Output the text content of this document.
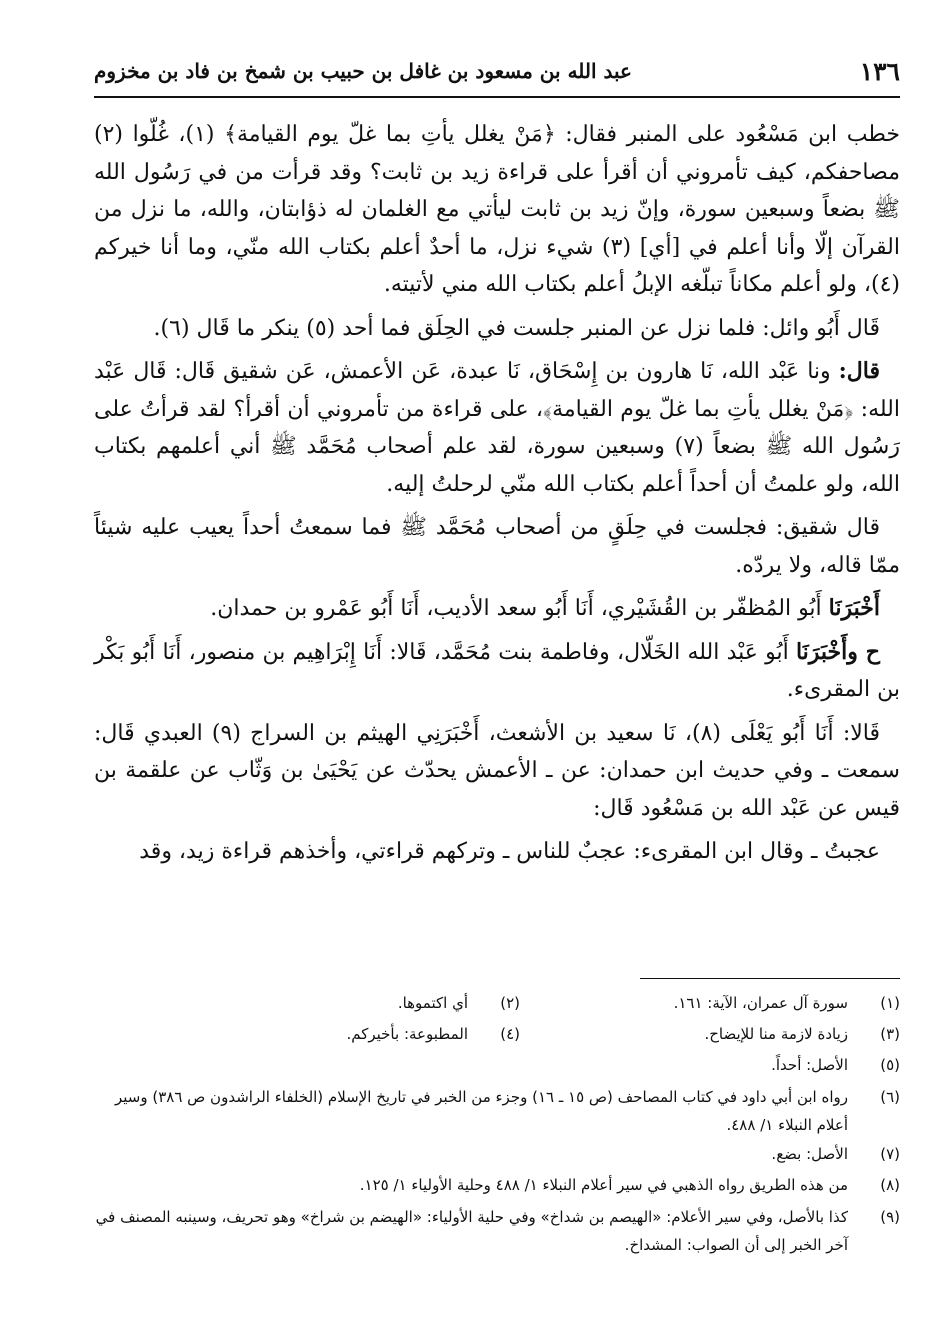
١٣٦
عبد الله بن مسعود بن غافل بن حبيب بن شمخ بن فاد بن مخزوم

خطب ابن مَسْعُود على المنبر فقال: ﴿مَنْ يغلل يأتِ بما غلّ يوم القيامة﴾ (١)، غُلّوا (٢) مصاحفكم، كيف تأمروني أن أقرأ على قراءة زيد بن ثابت؟ وقد قرأت من في رَسُول الله ﷺ بضعاً وسبعين سورة، وإنّ زيد بن ثابت ليأتي مع الغلمان له ذؤابتان، والله، ما نزل من القرآن إلّا وأنا أعلم في [أي] (٣) شيء نزل، ما أحدٌ أعلم بكتاب الله منّي، وما أنا خيركم (٤)، ولو أعلم مكاناً تبلّغه الإبلُ أعلم بكتاب الله مني لأتيته.

قَال أَبُو وائل: فلما نزل عن المنبر جلست في الحِلَق فما أحد (٥) ينكر ما قَال (٦).

قال: ونا عَبْد الله، نَا هارون بن إِسْحَاق، نَا عبدة، عَن الأعمش، عَن شقيق قَال: قَال عَبْد الله: ﴿مَنْ يغلل يأتِ بما غلّ يوم القيامة﴾، على قراءة من تأمروني أن أقرأ؟ لقد قرأتُ على رَسُول الله ﷺ بضعاً (٧) وسبعين سورة، لقد علم أصحاب مُحَمَّد ﷺ أني أعلمهم بكتاب الله، ولو علمتُ أن أحداً أعلم بكتاب الله منّي لرحلتُ إليه.

قال شقيق: فجلست في حِلَقٍ من أصحاب مُحَمَّد ﷺ فما سمعتُ أحداً يعيب عليه شيئاً ممّا قاله، ولا يردّه.

أَخْبَرَنَا أَبُو المُظفّر بن القُشَيْري، أَنَا أَبُو سعد الأديب، أَنَا أَبُو عَمْرو بن حمدان.

ح وأَخْبَرَنَا أَبُو عَبْد الله الخَلّال، وفاطمة بنت مُحَمَّد، قَالا: أَنَا إِبْرَاهِيم بن منصور، أَنَا أَبُو بَكْر بن المقرىء.

قَالا: أَنَا أَبُو يَعْلَى (٨)، نَا سعيد بن الأشعث، أَخْبَرَنِي الهيثم بن السراج (٩) العبدي قَال: سمعت ـ وفي حديث ابن حمدان: عن ـ الأعمش يحدّث عن يَحْيَىٰ بن وَثّاب عن علقمة بن قيس عن عَبْد الله بن مَسْعُود قَال:

عجبتُ ـ وقال ابن المقرىء: عجبٌ للناس ـ وتركهم قراءتي، وأخذهم قراءة زيد، وقد

(١)
سورة آل عمران، الآية: ١٦١.
(٢)
أي اكتموها.
(٣)
زيادة لازمة منا للإيضاح.
(٤)
المطبوعة: بأخيركم.
(٥)
الأصل: أحداً.
(٦)
رواه ابن أبي داود في كتاب المصاحف (ص ١٥ ـ ١٦) وجزء من الخبر في تاريخ الإسلام (الخلفاء الراشدون ص ٣٨٦) وسير أعلام النبلاء ١/ ٤٨٨.
(٧)
الأصل: بضع.
(٨)
من هذه الطريق رواه الذهبي في سير أعلام النبلاء ١/ ٤٨٨ وحلية الأولياء ١/ ١٢٥.
(٩)
كذا بالأصل، وفي سير الأعلام: «الهيصم بن شداخ» وفي حلية الأولياء: «الهيضم بن شراخ» وهو تحريف، وسينبه المصنف في آخر الخبر إلى أن الصواب: المشداخ.
